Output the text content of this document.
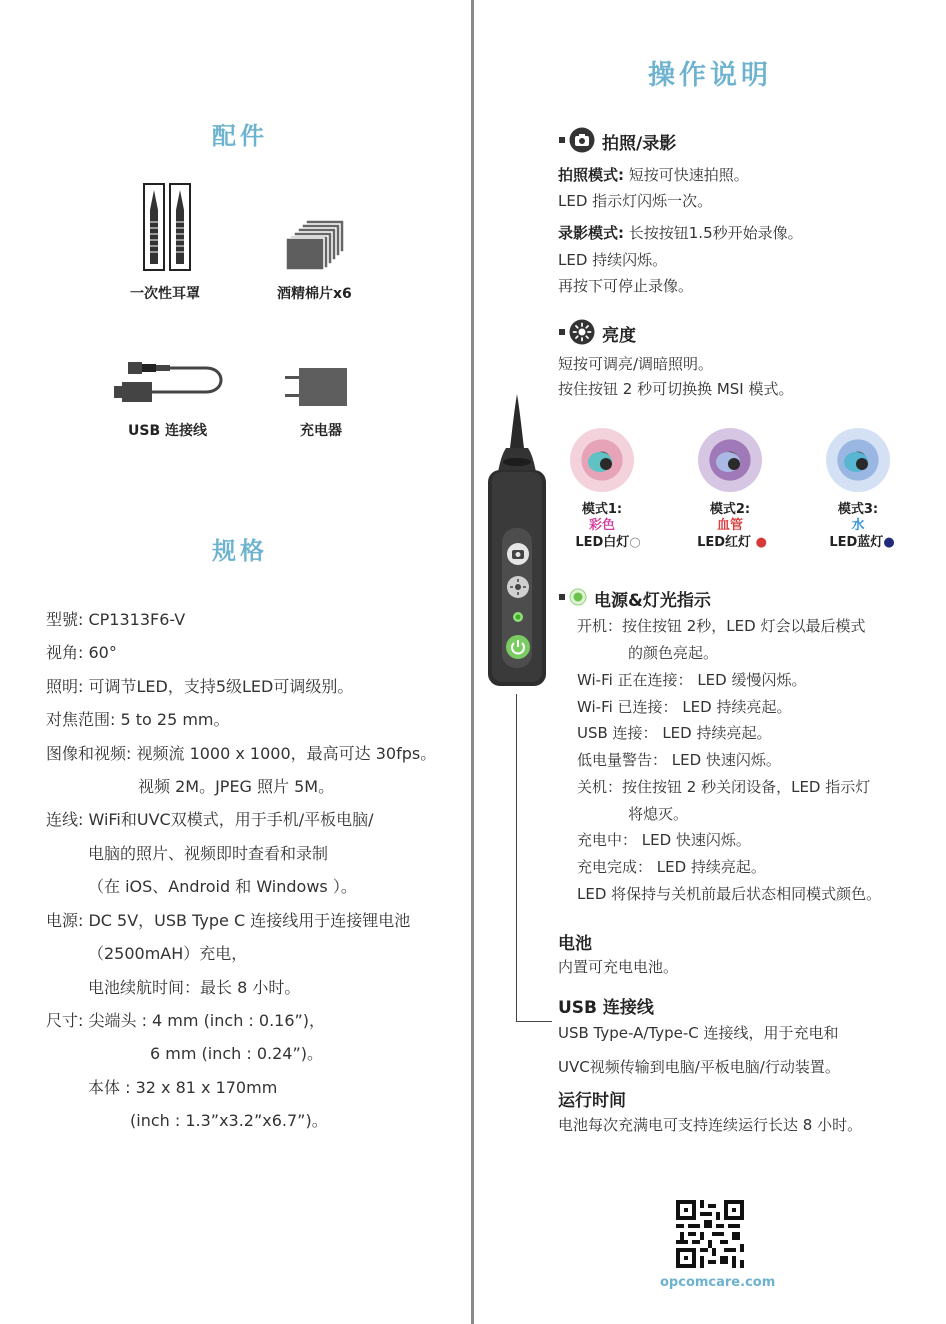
配件
一次性耳罩	酒精棉片x6
USB 连接线	充电器
规格
型號: CP1313F6-V
视角: 60°
照明: 可调节LED，支持5级LED可调级别。
对焦范围: 5 to 25 mm。
图像和视频: 视频流 1000 x 1000，最高可达 30fps。
视频 2M。JPEG 照片 5M。
连线: WiFi和UVC双模式，用于手机/平板电脑/
电脑的照片、视频即时查看和录制
（在 iOS、Android 和 Windows ）。
电源: DC 5V，USB Type C 连接线用于连接锂电池
（2500mAH）充电，
电池续航时间：最长 8 小时。
尺寸: 尖端头 : 4 mm (inch : 0.16”)，
6 mm (inch : 0.24”)。
本体 : 32 x 81 x 170mm
(inch : 1.3”x3.2”x6.7”)。
操作说明
拍照/录影
拍照模式: 短按可快速拍照。
LED 指示灯闪烁一次。
录影模式: 长按按钮1.5秒开始录像。
LED 持续闪烁。
再按下可停止录像。
亮度
短按可调亮/调暗照明。
按住按钮 2 秒可切换换 MSI 模式。
模式1:
彩色
LED白灯○
模式2:
血管
LED红灯 ●
模式3:
水
LED蓝灯●
电源&灯光指示
开机：按住按钮 2秒，LED 灯会以最后模式
的颜色亮起。
Wi-Fi 正在连接： LED 缓慢闪烁。
Wi-Fi 已连接： LED 持续亮起。
USB 连接： LED 持续亮起。
低电量警告： LED 快速闪烁。
关机：按住按钮 2 秒关闭设备，LED 指示灯
将熄灭。
充电中： LED 快速闪烁。
充电完成： LED 持续亮起。
LED 将保持与关机前最后状态相同模式颜色。
电池
内置可充电电池。
USB 连接线
USB Type-A/Type-C 连接线，用于充电和
UVC视频传输到电脑/平板电脑/行动装置。
运行时间
电池每次充满电可支持连续运行长达 8 小时。
opcomcare.com
